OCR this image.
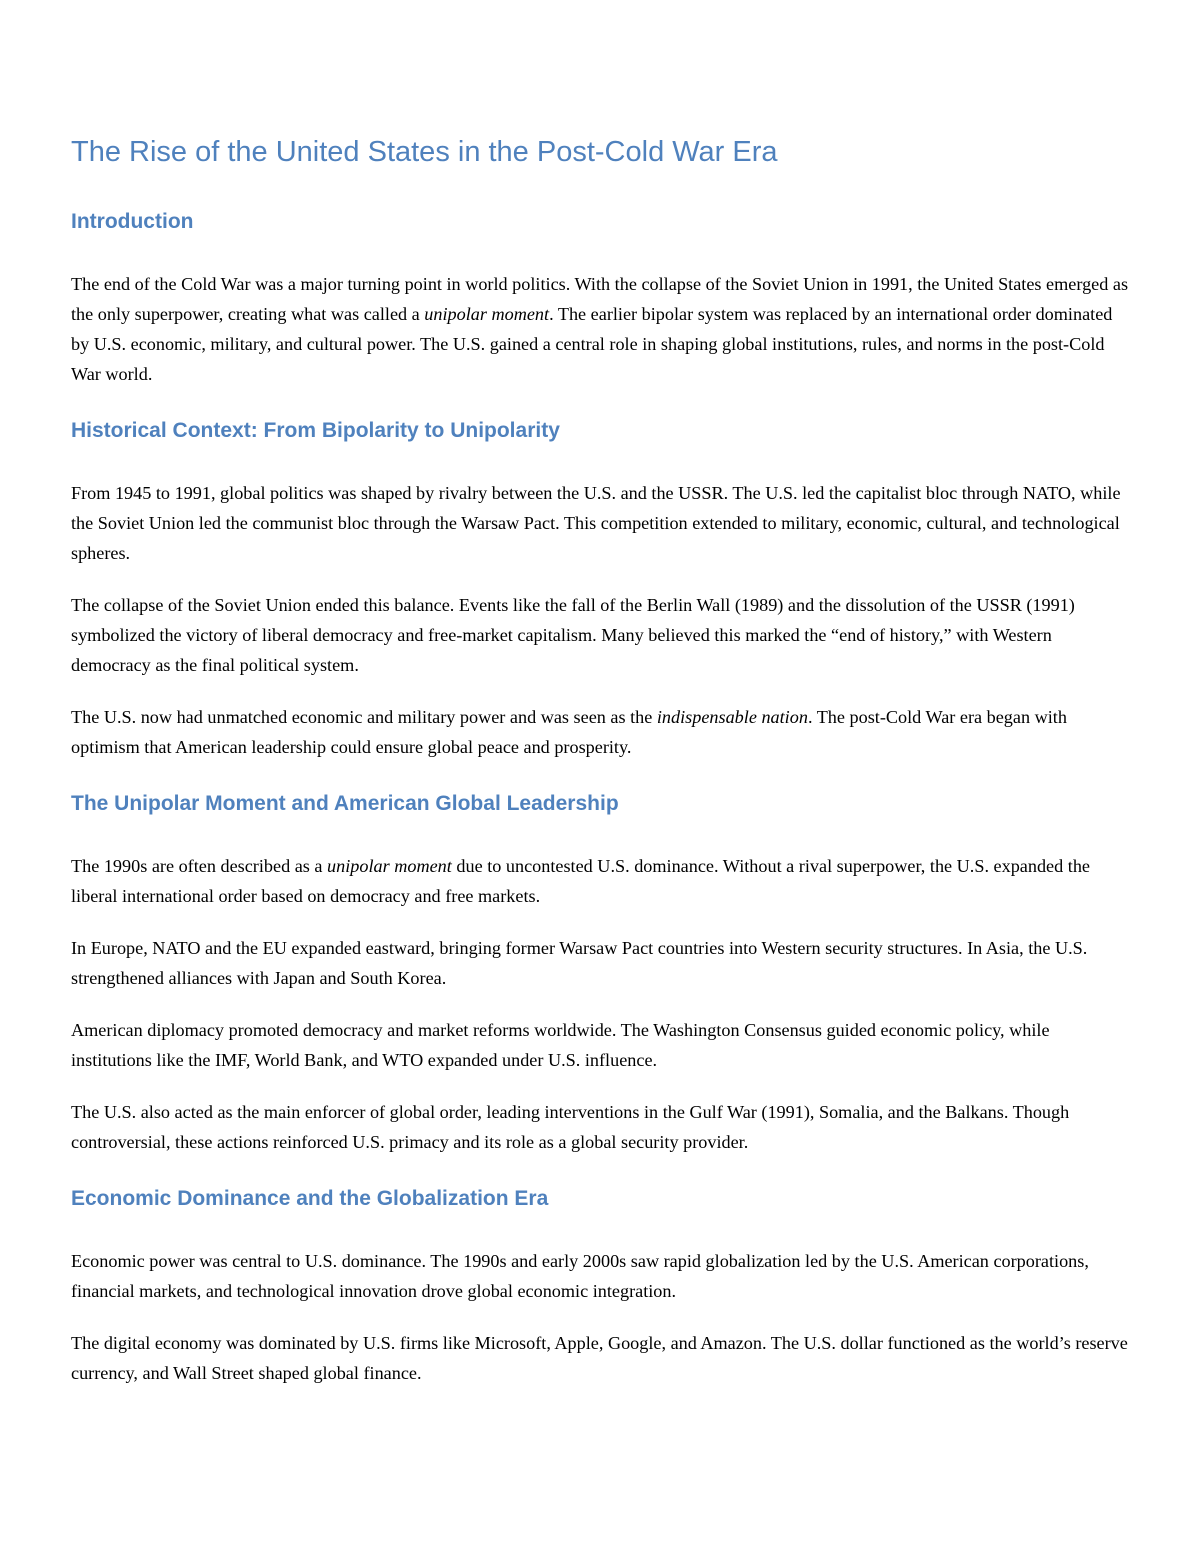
The Rise of the United States in the Post-Cold War Era
Introduction

The end of the Cold War was a major turning point in world politics. With the collapse of the Soviet Union in 1991, the United States emerged as the only superpower, creating what was called a unipolar moment. The earlier bipolar system was replaced by an international order dominated by U.S. economic, military, and cultural power. The U.S. gained a central role in shaping global institutions, rules, and norms in the post-Cold War world.

Historical Context: From Bipolarity to Unipolarity

From 1945 to 1991, global politics was shaped by rivalry between the U.S. and the USSR. The U.S. led the capitalist bloc through NATO, while the Soviet Union led the communist bloc through the Warsaw Pact. This competition extended to military, economic, cultural, and technological spheres.

The collapse of the Soviet Union ended this balance. Events like the fall of the Berlin Wall (1989) and the dissolution of the USSR (1991) symbolized the victory of liberal democracy and free-market capitalism. Many believed this marked the “end of history,” with Western democracy as the final political system.

The U.S. now had unmatched economic and military power and was seen as the indispensable nation. The post-Cold War era began with optimism that American leadership could ensure global peace and prosperity.

The Unipolar Moment and American Global Leadership

The 1990s are often described as a unipolar moment due to uncontested U.S. dominance. Without a rival superpower, the U.S. expanded the liberal international order based on democracy and free markets.

In Europe, NATO and the EU expanded eastward, bringing former Warsaw Pact countries into Western security structures. In Asia, the U.S. strengthened alliances with Japan and South Korea.

American diplomacy promoted democracy and market reforms worldwide. The Washington Consensus guided economic policy, while institutions like the IMF, World Bank, and WTO expanded under U.S. influence.

The U.S. also acted as the main enforcer of global order, leading interventions in the Gulf War (1991), Somalia, and the Balkans. Though controversial, these actions reinforced U.S. primacy and its role as a global security provider.

Economic Dominance and the Globalization Era

Economic power was central to U.S. dominance. The 1990s and early 2000s saw rapid globalization led by the U.S. American corporations, financial markets, and technological innovation drove global economic integration.

The digital economy was dominated by U.S. firms like Microsoft, Apple, Google, and Amazon. The U.S. dollar functioned as the world’s reserve currency, and Wall Street shaped global finance.
